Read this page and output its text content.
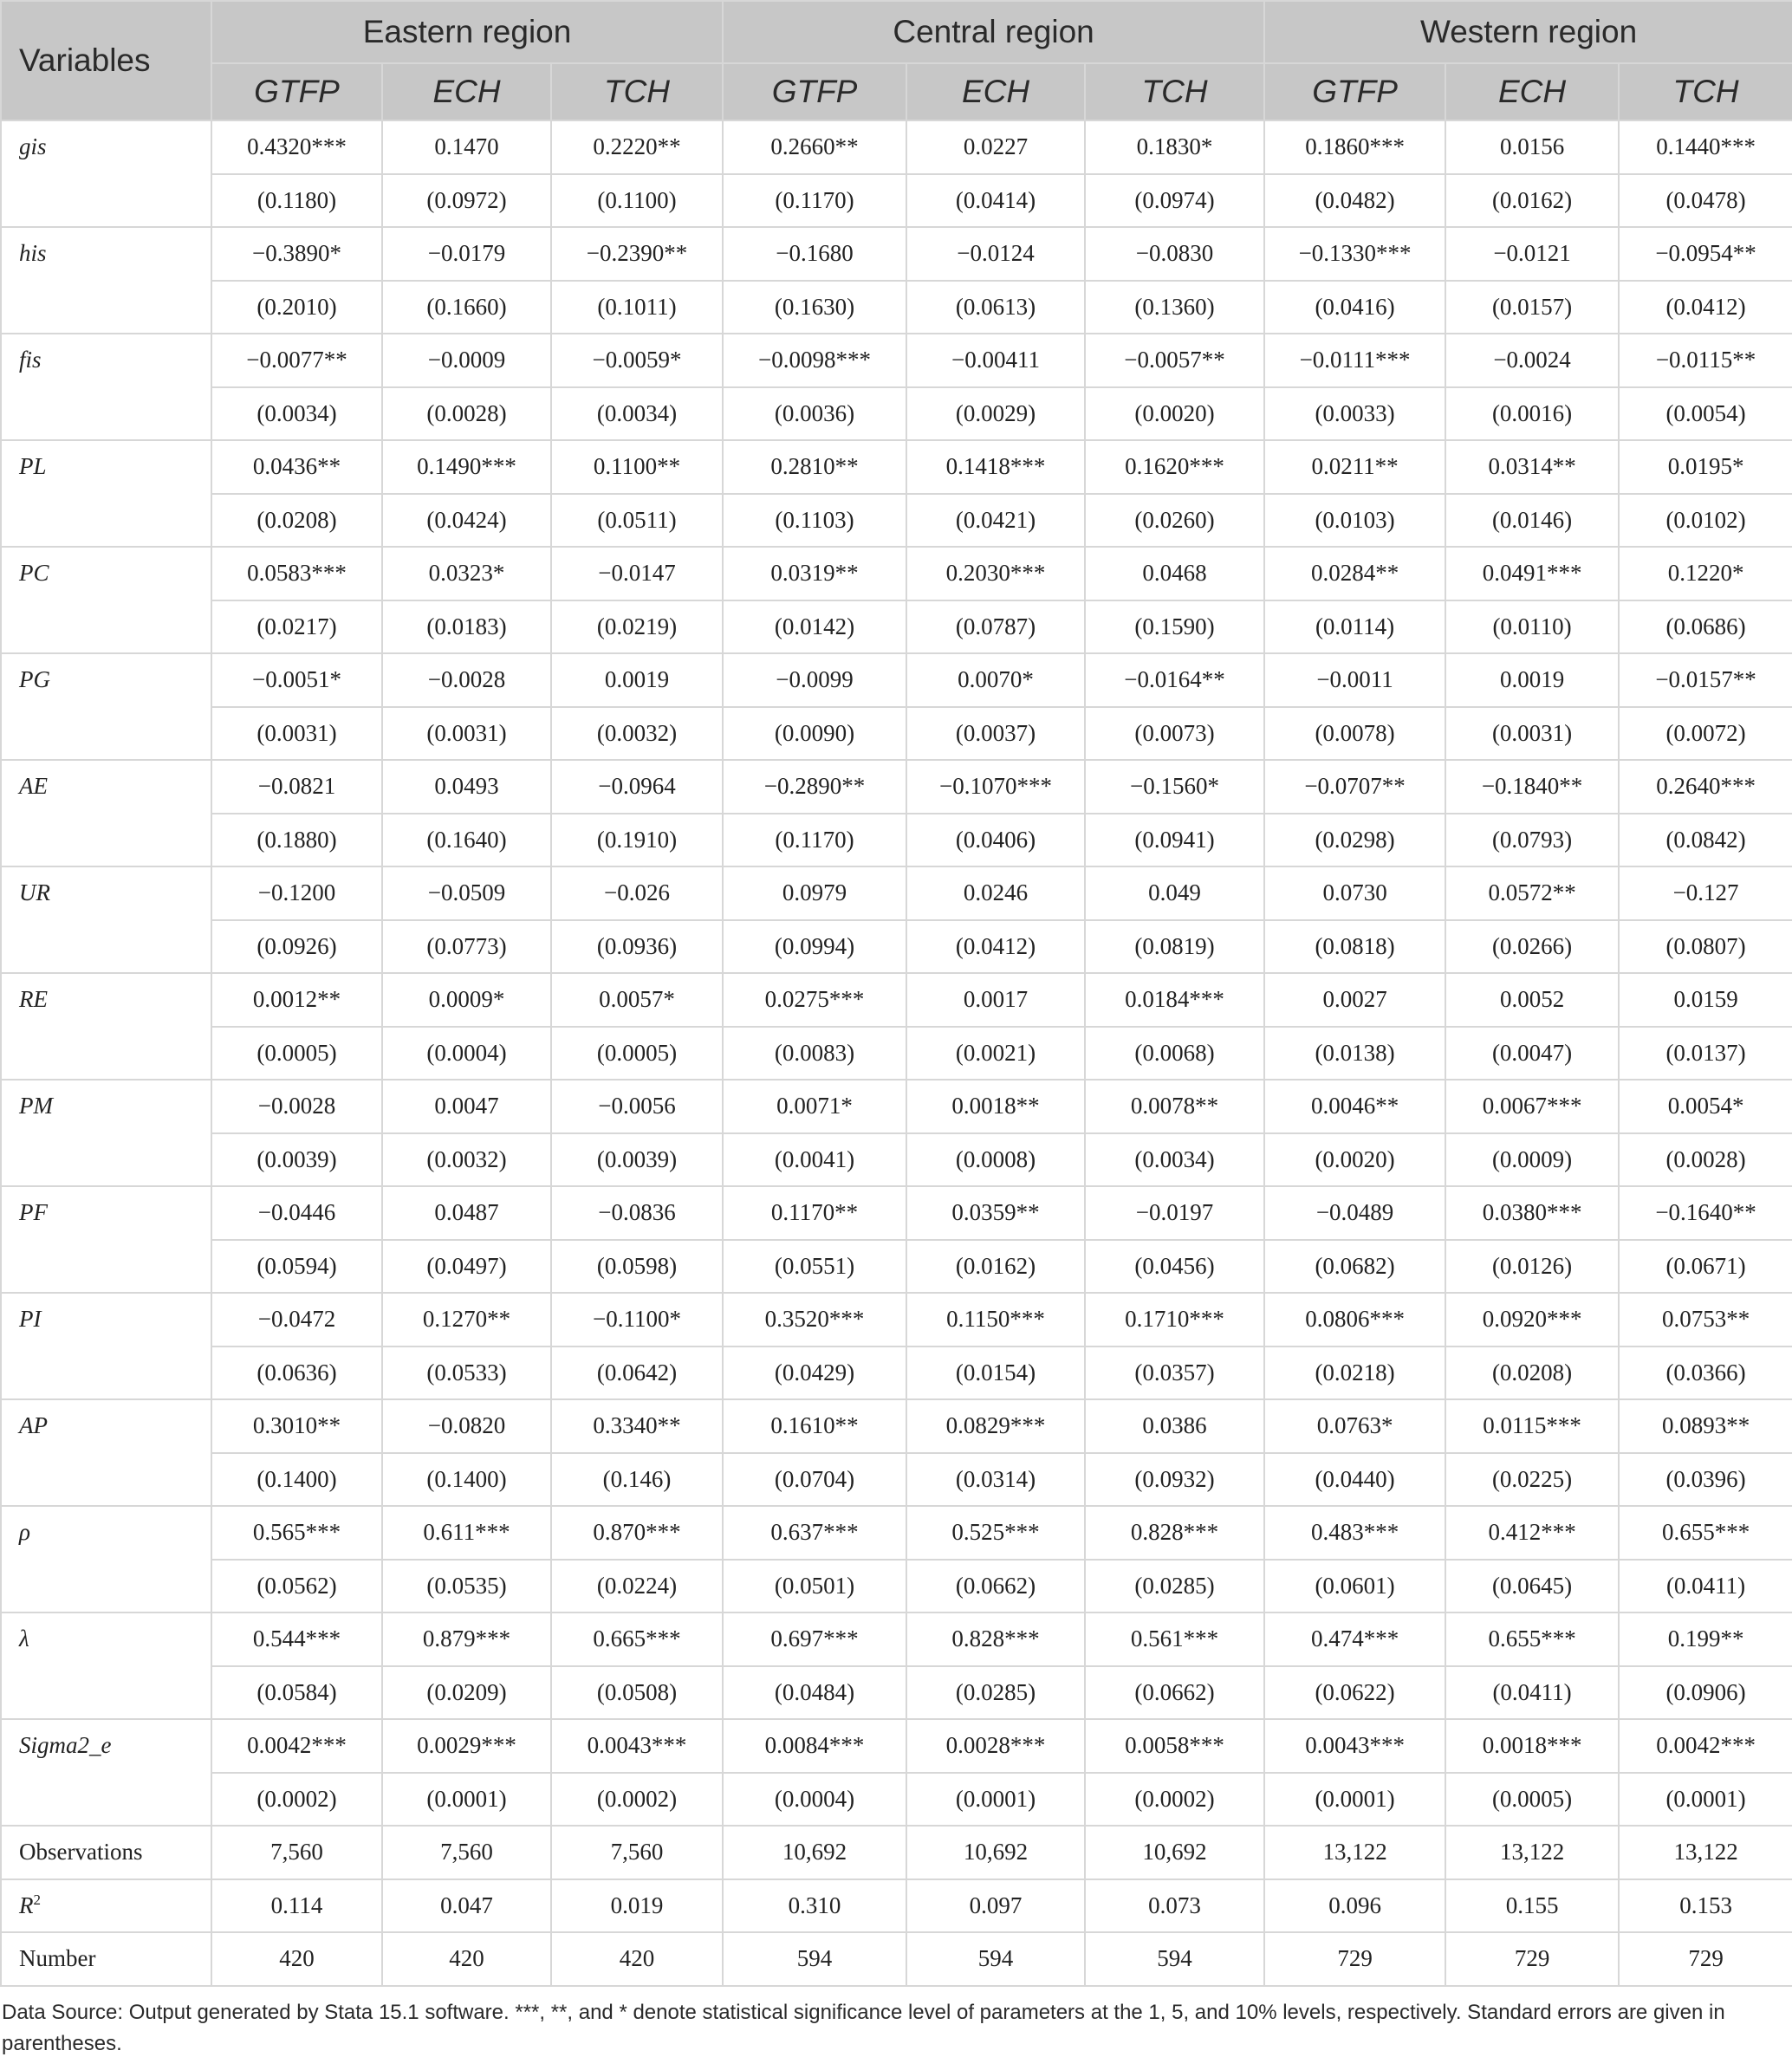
Variables	Eastern region			Central region			Western region		
	GTFP	ECH	TCH	GTFP	ECH	TCH	GTFP	ECH	TCH
gis	0.4320***	0.1470	0.2220**	0.2660**	0.0227	0.1830*	0.1860***	0.0156	0.1440***
	(0.1180)	(0.0972)	(0.1100)	(0.1170)	(0.0414)	(0.0974)	(0.0482)	(0.0162)	(0.0478)
his	−0.3890*	−0.0179	−0.2390**	−0.1680	−0.0124	−0.0830	−0.1330***	−0.0121	−0.0954**
	(0.2010)	(0.1660)	(0.1011)	(0.1630)	(0.0613)	(0.1360)	(0.0416)	(0.0157)	(0.0412)
fis	−0.0077**	−0.0009	−0.0059*	−0.0098***	−0.00411	−0.0057**	−0.0111***	−0.0024	−0.0115**
	(0.0034)	(0.0028)	(0.0034)	(0.0036)	(0.0029)	(0.0020)	(0.0033)	(0.0016)	(0.0054)
PL	0.0436**	0.1490***	0.1100**	0.2810**	0.1418***	0.1620***	0.0211**	0.0314**	0.0195*
	(0.0208)	(0.0424)	(0.0511)	(0.1103)	(0.0421)	(0.0260)	(0.0103)	(0.0146)	(0.0102)
PC	0.0583***	0.0323*	−0.0147	0.0319**	0.2030***	0.0468	0.0284**	0.0491***	0.1220*
	(0.0217)	(0.0183)	(0.0219)	(0.0142)	(0.0787)	(0.1590)	(0.0114)	(0.0110)	(0.0686)
PG	−0.0051*	−0.0028	0.0019	−0.0099	0.0070*	−0.0164**	−0.0011	0.0019	−0.0157**
	(0.0031)	(0.0031)	(0.0032)	(0.0090)	(0.0037)	(0.0073)	(0.0078)	(0.0031)	(0.0072)
AE	−0.0821	0.0493	−0.0964	−0.2890**	−0.1070***	−0.1560*	−0.0707**	−0.1840**	0.2640***
	(0.1880)	(0.1640)	(0.1910)	(0.1170)	(0.0406)	(0.0941)	(0.0298)	(0.0793)	(0.0842)
UR	−0.1200	−0.0509	−0.026	0.0979	0.0246	0.049	0.0730	0.0572**	−0.127
	(0.0926)	(0.0773)	(0.0936)	(0.0994)	(0.0412)	(0.0819)	(0.0818)	(0.0266)	(0.0807)
RE	0.0012**	0.0009*	0.0057*	0.0275***	0.0017	0.0184***	0.0027	0.0052	0.0159
	(0.0005)	(0.0004)	(0.0005)	(0.0083)	(0.0021)	(0.0068)	(0.0138)	(0.0047)	(0.0137)
PM	−0.0028	0.0047	−0.0056	0.0071*	0.0018**	0.0078**	0.0046**	0.0067***	0.0054*
	(0.0039)	(0.0032)	(0.0039)	(0.0041)	(0.0008)	(0.0034)	(0.0020)	(0.0009)	(0.0028)
PF	−0.0446	0.0487	−0.0836	0.1170**	0.0359**	−0.0197	−0.0489	0.0380***	−0.1640**
	(0.0594)	(0.0497)	(0.0598)	(0.0551)	(0.0162)	(0.0456)	(0.0682)	(0.0126)	(0.0671)
PI	−0.0472	0.1270**	−0.1100*	0.3520***	0.1150***	0.1710***	0.0806***	0.0920***	0.0753**
	(0.0636)	(0.0533)	(0.0642)	(0.0429)	(0.0154)	(0.0357)	(0.0218)	(0.0208)	(0.0366)
AP	0.3010**	−0.0820	0.3340**	0.1610**	0.0829***	0.0386	0.0763*	0.0115***	0.0893**
	(0.1400)	(0.1400)	(0.146)	(0.0704)	(0.0314)	(0.0932)	(0.0440)	(0.0225)	(0.0396)
ρ	0.565***	0.611***	0.870***	0.637***	0.525***	0.828***	0.483***	0.412***	0.655***
	(0.0562)	(0.0535)	(0.0224)	(0.0501)	(0.0662)	(0.0285)	(0.0601)	(0.0645)	(0.0411)
λ	0.544***	0.879***	0.665***	0.697***	0.828***	0.561***	0.474***	0.655***	0.199**
	(0.0584)	(0.0209)	(0.0508)	(0.0484)	(0.0285)	(0.0662)	(0.0622)	(0.0411)	(0.0906)
Sigma2_e	0.0042***	0.0029***	0.0043***	0.0084***	0.0028***	0.0058***	0.0043***	0.0018***	0.0042***
	(0.0002)	(0.0001)	(0.0002)	(0.0004)	(0.0001)	(0.0002)	(0.0001)	(0.0005)	(0.0001)
Observations	7,560	7,560	7,560	10,692	10,692	10,692	13,122	13,122	13,122
$R^2$	0.114	0.047	0.019	0.310	0.097	0.073	0.096	0.155	0.153
Number	420	420	420	594	594	594	729	729	729
Data Source: Output generated by Stata 15.1 software. ***, **, and * denote statistical significance level of parameters at the 1, 5, and 10% levels, respectively. Standard errors are given in parentheses.
